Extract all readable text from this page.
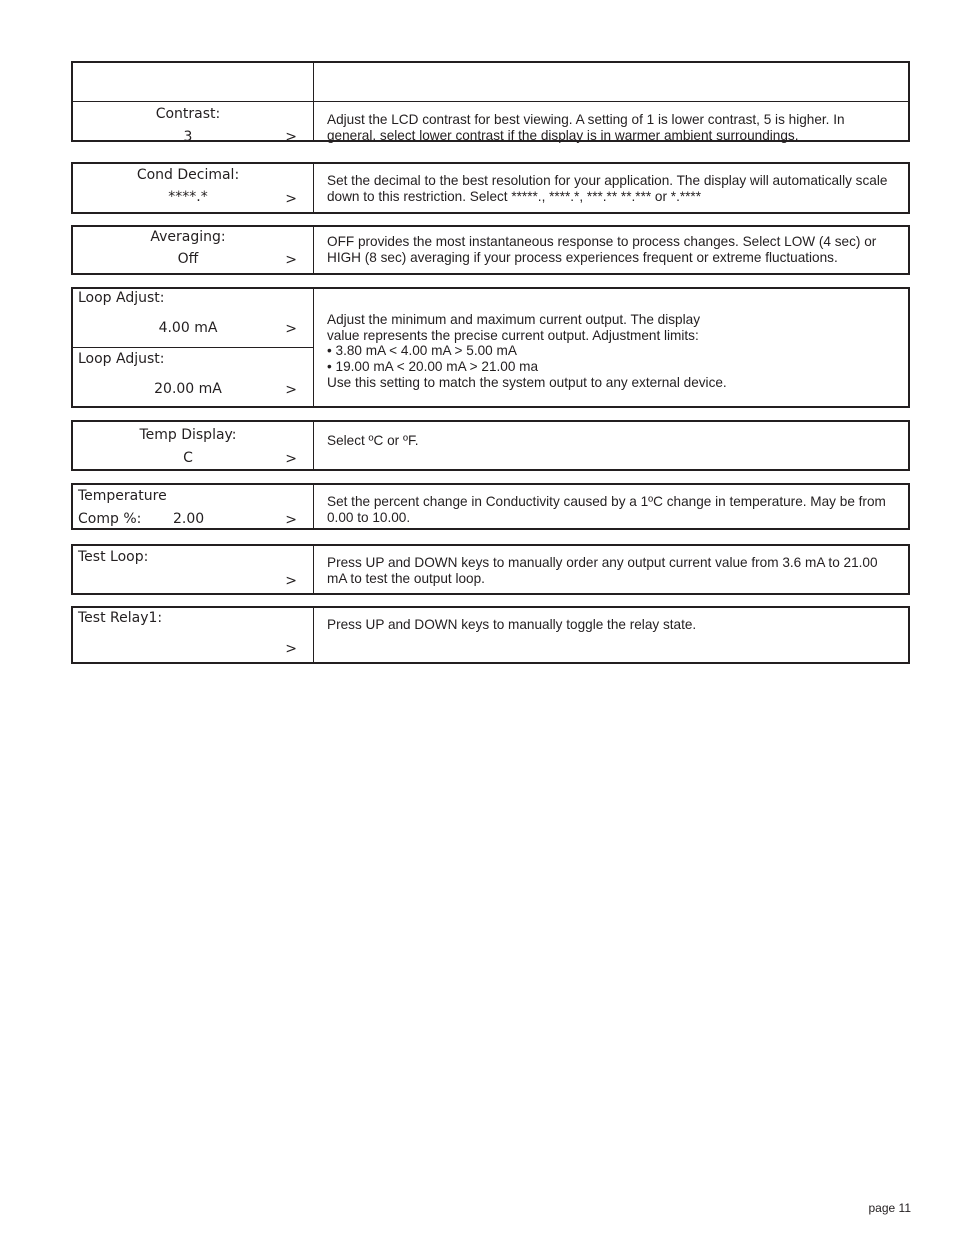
Contrast:
3	>

Adjust the LCD contrast for best viewing. A setting of 1 is lower contrast, 5 is higher. In general, select lower contrast if the display is in warmer ambient surroundings.

Cond Decimal:
****.*	>

Set the decimal to the best resolution for your application. The display will automatically scale down to this restriction. Select *****., ****.*, ***.** **.*** or *.****

Averaging:
Off	>

OFF provides the most instantaneous response to process changes. Select LOW (4 sec) or HIGH (8 sec) averaging if your process experiences frequent or extreme fluctuations.

Loop Adjust:
4.00 mA	>
Loop Adjust:
20.00 mA	>

Adjust the minimum and maximum current output. The display

value represents the precise current output. Adjustment limits:

• 3.80 mA < 4.00 mA > 5.00 mA

• 19.00 mA < 20.00 mA > 21.00 ma

Use this setting to match the system output to any external device.

Temp Display:
C	>

Select ºC or ºF.

Temperature
Comp %: 2.00	>

Set the percent change in Conductivity caused by a 1ºC change in temperature. May be from 0.00 to 10.00.

Test Loop:
>

Press UP and DOWN keys to manually order any output current value from 3.6 mA to 21.00 mA to test the output loop.

Test Relay1:
>

Press UP and DOWN keys to manually toggle the relay state.

page 11
